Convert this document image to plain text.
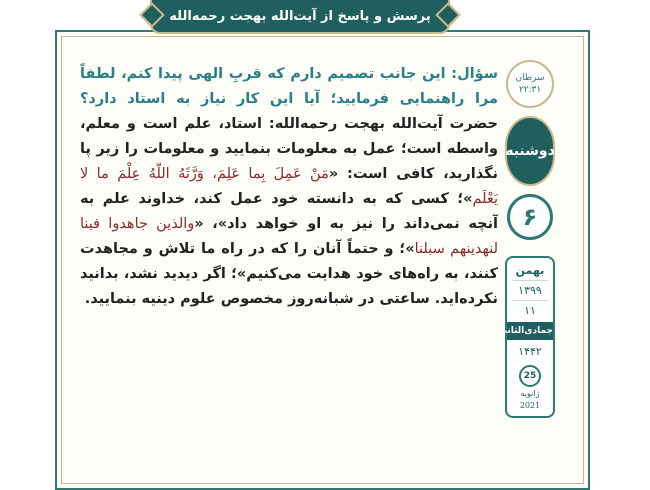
پرسش و پاسخ از آیت‌الله بهجت رحمه‌الله
سؤال: این جانب تصمیم دارم که قربِ الهی پیدا کنم، لطفاً مرا راهنمایی فرمایید؛ آیا این کار نیاز به استاد دارد؟ حضرت آیت‌الله بهجت رحمه‌الله: استاد، علم است و معلم، واسطه است؛ عمل به معلومات بنمایید و معلومات را زیر پا نگذارید، کافی است: «مَنْ عَمِلَ بِما عَلِمَ، وَرَّثَهُ اللّهُ عِلْمَ ما لا یَعْلَم»؛ کسی که به دانسته خود عمل کند، خداوند علم به آنچه نمی‌داند را نیز به او خواهد داد»، «والذین جاهدوا فینا لنهدینهم سبلنا»؛ و حتماً آنان را که در راه ما تلاش و مجاهدت کنند، به راه‌های خود هدایت می‌کنیم»؛ اگر دیدید نشد، بدانید نکرده‌اید. ساعتی در شبانه‌روز مخصوص علوم دینیه بنمایید.
سرطان
۲۲:۳۱
دوشنبه
۶
بهمن
۱۳۹۹
۱۱
جمادی‌الثانی
۱۴۴۲
25
ژانویه
2021
